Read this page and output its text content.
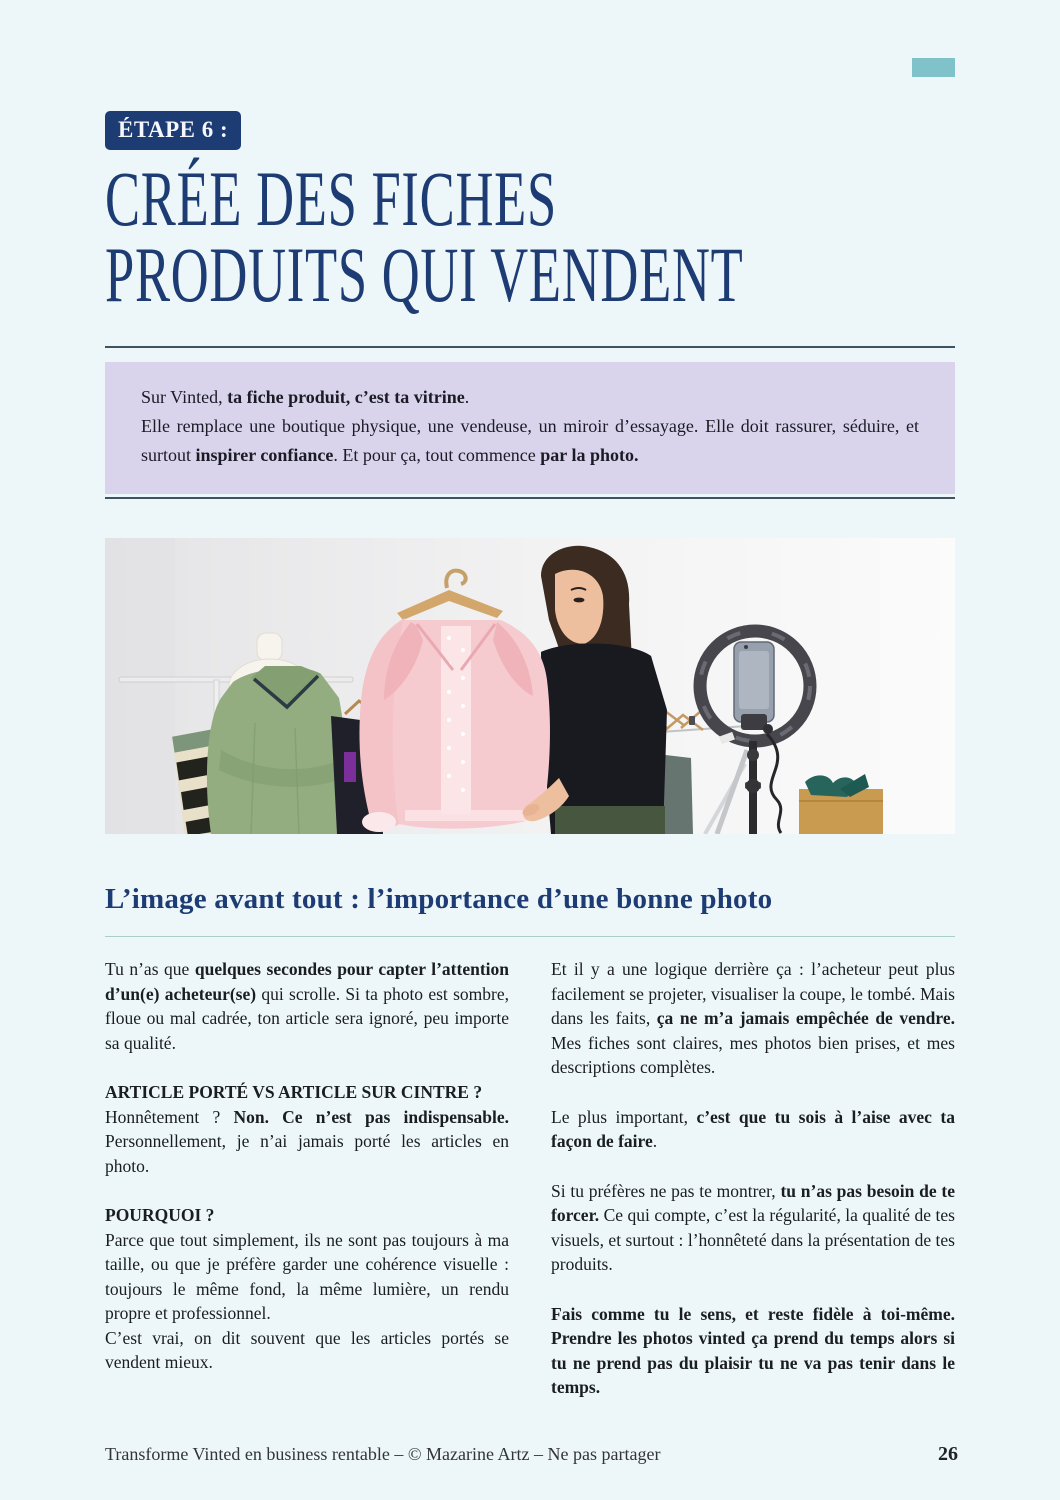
ÉTAPE 6 :
CRÉE DES FICHES
PRODUITS QUI VENDENT

Sur Vinted, ta fiche produit, c’est ta vitrine.

Elle remplace une boutique physique, une vendeuse, un miroir d’essayage. Elle doit rassurer, séduire, et surtout inspirer confiance. Et pour ça, tout commence par la photo.

L’image avant tout : l’importance d’une bonne photo

Tu n’as que quelques secondes pour capter l’attention d’un(e) acheteur(se) qui scrolle. Si ta photo est sombre, floue ou mal cadrée, ton article sera ignoré, peu importe sa qualité.

ARTICLE PORTÉ VS ARTICLE SUR CINTRE ?
Honnêtement ? Non. Ce n’est pas indispensable. Personnellement, je n’ai jamais porté les articles en photo.

POURQUOI ?
Parce que tout simplement, ils ne sont pas toujours à ma taille, ou que je préfère garder une cohérence visuelle : toujours le même fond, la même lumière, un rendu propre et professionnel.
C’est vrai, on dit souvent que les articles portés se vendent mieux.

Et il y a une logique derrière ça : l’acheteur peut plus facilement se projeter, visualiser la coupe, le tombé. Mais dans les faits, ça ne m’a jamais empêchée de vendre. Mes fiches sont claires, mes photos bien prises, et mes descriptions complètes.

Le plus important, c’est que tu sois à l’aise avec ta façon de faire.

Si tu préfères ne pas te montrer, tu n’as pas besoin de te forcer. Ce qui compte, c’est la régularité, la qualité de tes visuels, et surtout : l’honnêteté dans la présentation de tes produits.

Fais comme tu le sens, et reste fidèle à toi-même. Prendre les photos vinted ça prend du temps alors si tu ne prend pas du plaisir tu ne va pas tenir dans le temps.

Transforme Vinted en business rentable – © Mazarine Artz – Ne pas partager	26
